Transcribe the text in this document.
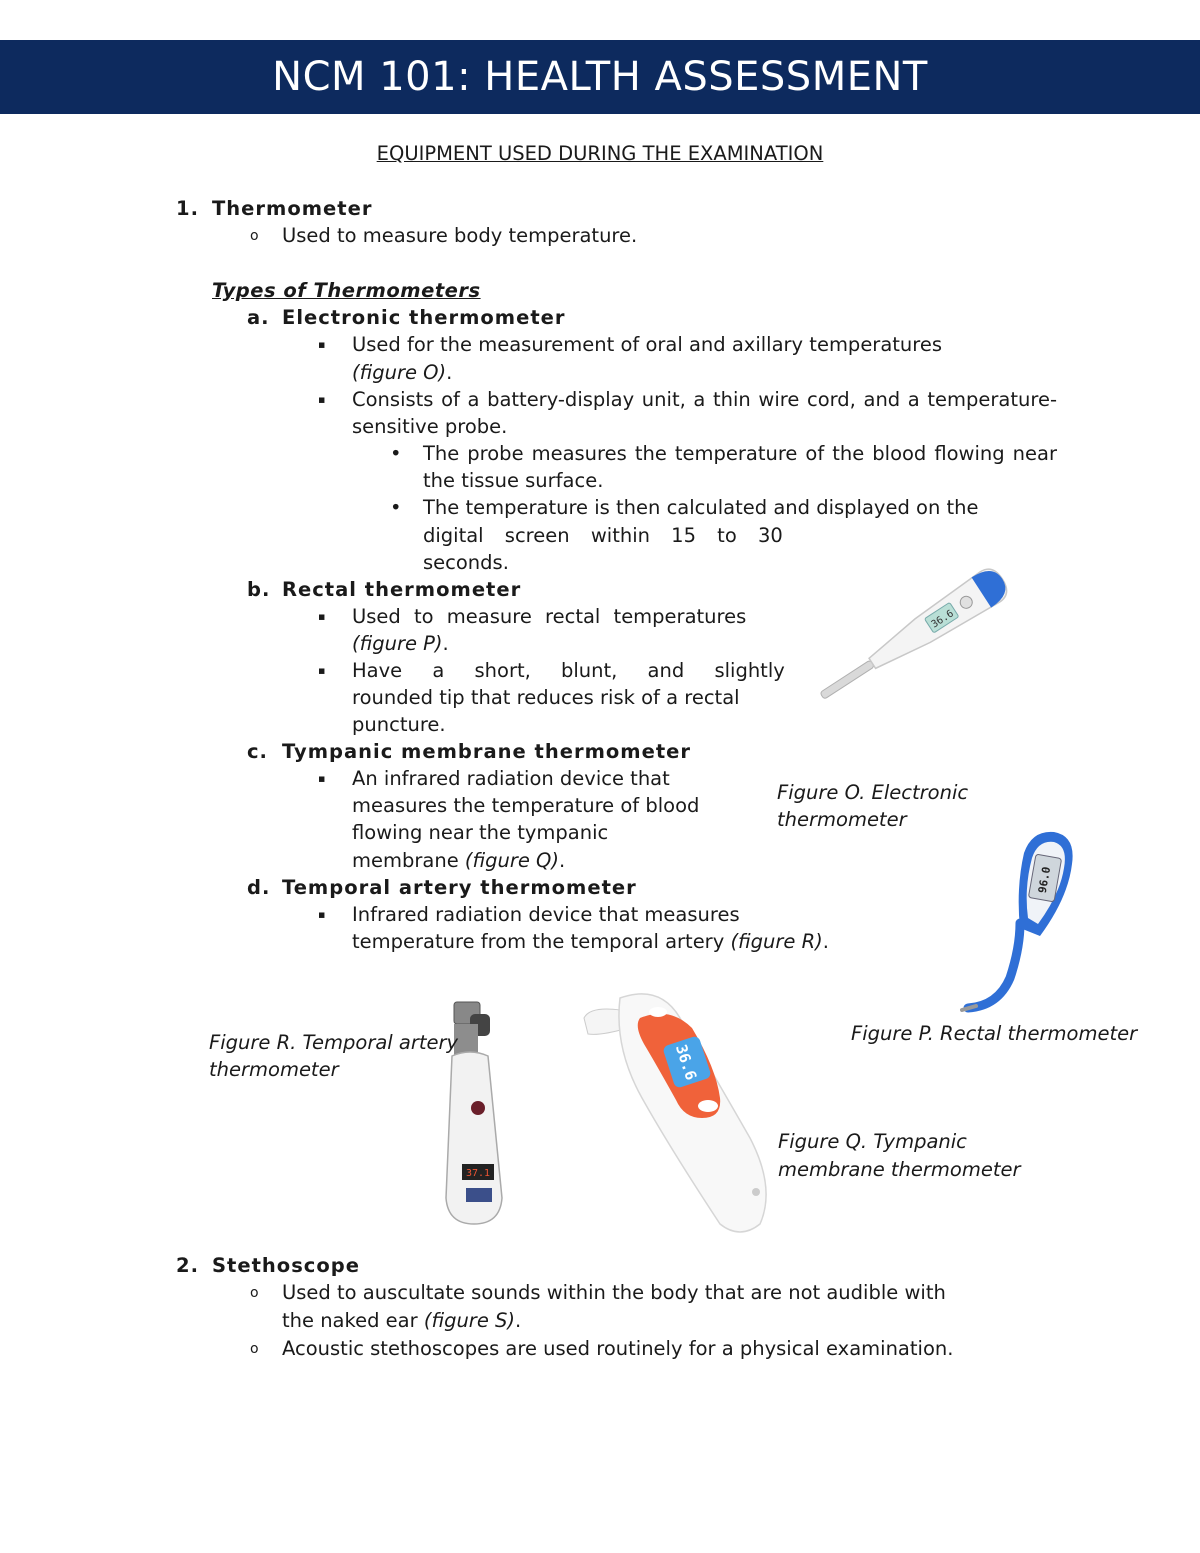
NCM 101: HEALTH ASSESSMENT
EQUIPMENT USED DURING THE EXAMINATION
1. Thermometer
o Used to measure body temperature.
Types of Thermometers
a. Electronic thermometer
▪ Used for the measurement of oral and axillary temperatures
(figure O).
▪ Consists of a battery-display unit, a thin wire cord, and a temperature-sensitive probe.
• The probe measures the temperature of the blood flowing near the tissue surface.
• The temperature is then calculated and displayed on the
digital screen within 15 to 30
seconds.
b. Rectal thermometer
▪ Used to measure rectal temperatures
(figure P).
▪ Have a short, blunt, and slightly
rounded tip that reduces risk of a rectal
puncture.
c. Tympanic membrane thermometer
▪ An infrared radiation device that
measures the temperature of blood
flowing near the tympanic
membrane (figure Q).
d. Temporal artery thermometer
▪ Infrared radiation device that measures
temperature from the temporal artery (figure R).
36.6
Figure O. Electronic
thermometer
96.0
Figure P. Rectal thermometer
37.1
Figure R. Temporal artery
thermometer	36.6
Figure Q. Tympanic
membrane thermometer
2. Stethoscope
o Used to auscultate sounds within the body that are not audible with
the naked ear (figure S).
o Acoustic stethoscopes are used routinely for a physical examination.
